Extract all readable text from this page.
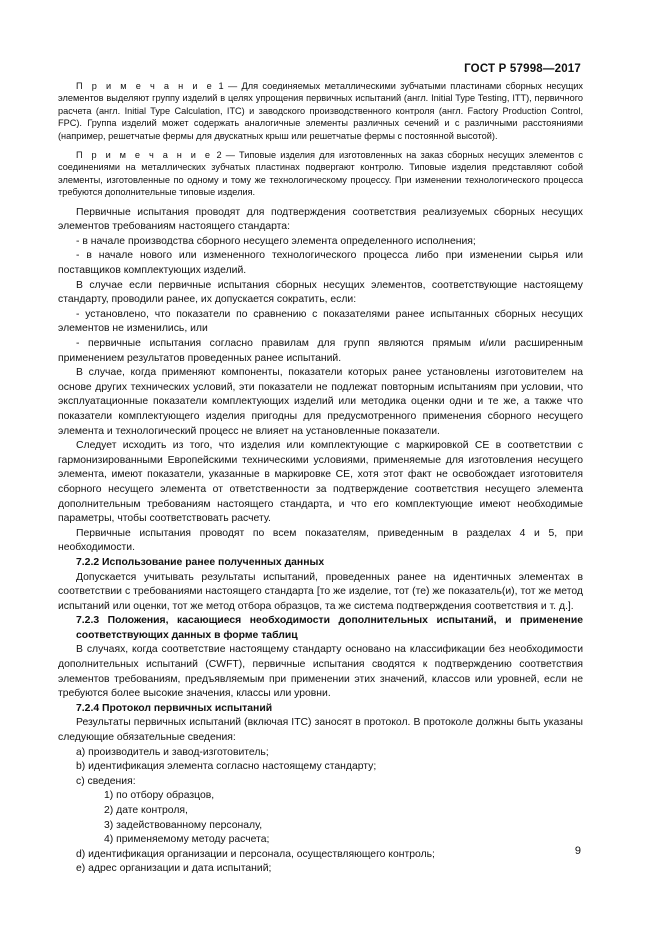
ГОСТ Р 57998—2017

П р и м е ч а н и е 1 — Для соединяемых металлическими зубчатыми пластинами сборных несущих элементов выделяют группу изделий в целях упрощения первичных испытаний (англ. Initial Type Testing, ITT), первичного расчета (англ. Initial Type Calculation, ITC) и заводского производственного контроля (англ. Factory Production Control, FPC). Группа изделий может содержать аналогичные элементы различных сечений и с различными расстояниями (например, решетчатые фермы для двускатных крыш или решетчатые фермы с постоянной высотой).

П р и м е ч а н и е 2 — Типовые изделия для изготовленных на заказ сборных несущих элементов с соединениями на металлических зубчатых пластинах подвергают контролю. Типовые изделия представляют собой элементы, изготовленные по одному и тому же технологическому процессу. При изменении технологического процесса требуются дополнительные типовые изделия.

Первичные испытания проводят для подтверждения соответствия реализуемых сборных несущих элементов требованиям настоящего стандарта:

- в начале производства сборного несущего элемента определенного исполнения;

- в начале нового или измененного технологического процесса либо при изменении сырья или поставщиков комплектующих изделий.

В случае если первичные испытания сборных несущих элементов, соответствующие настоящему стандарту, проводили ранее, их допускается сократить, если:

- установлено, что показатели по сравнению с показателями ранее испытанных сборных несущих элементов не изменились, или

- первичные испытания согласно правилам для групп являются прямым и/или расширенным применением результатов проведенных ранее испытаний.

В случае, когда применяют компоненты, показатели которых ранее установлены изготовителем на основе других технических условий, эти показатели не подлежат повторным испытаниям при условии, что эксплуатационные показатели комплектующих изделий или методика оценки одни и те же, а также что показатели комплектующего изделия пригодны для предусмотренного применения сборного несущего элемента и технологический процесс не влияет на установленные показатели.

Следует исходить из того, что изделия или комплектующие с маркировкой СЕ в соответствии с гармонизированными Европейскими техническими условиями, применяемые для изготовления несущего элемента, имеют показатели, указанные в маркировке СЕ, хотя этот факт не освобождает изготовителя сборного несущего элемента от ответственности за подтверждение соответствия несущего элемента дополнительным требованиям настоящего стандарта, и что его комплектующие имеют необходимые параметры, чтобы соответствовать расчету.

Первичные испытания проводят по всем показателям, приведенным в разделах 4 и 5, при необходимости.

7.2.2 Использование ранее полученных данных

Допускается учитывать результаты испытаний, проведенных ранее на идентичных элементах в соответствии с требованиями настоящего стандарта [то же изделие, тот (те) же показатель(и), тот же метод испытаний или оценки, тот же метод отбора образцов, та же система подтверждения соответствия и т. д.].

7.2.3 Положения, касающиеся необходимости дополнительных испытаний, и применение соответствующих данных в форме таблиц

В случаях, когда соответствие настоящему стандарту основано на классификации без необходимости дополнительных испытаний (CWFT), первичные испытания сводятся к подтверждению соответствия элементов требованиям, предъявляемым при применении этих значений, классов или уровней, если не требуются более высокие значения, классы или уровни.

7.2.4 Протокол первичных испытаний

Результаты первичных испытаний (включая ITC) заносят в протокол. В протоколе должны быть указаны следующие обязательные сведения:

a) производитель и завод-изготовитель;

b) идентификация элемента согласно настоящему стандарту;

c) сведения:

1) по отбору образцов,

2) дате контроля,

3) задействованному персоналу,

4) применяемому методу расчета;

d) идентификация организации и персонала, осуществляющего контроль;

e) адрес организации и дата испытаний;

9
